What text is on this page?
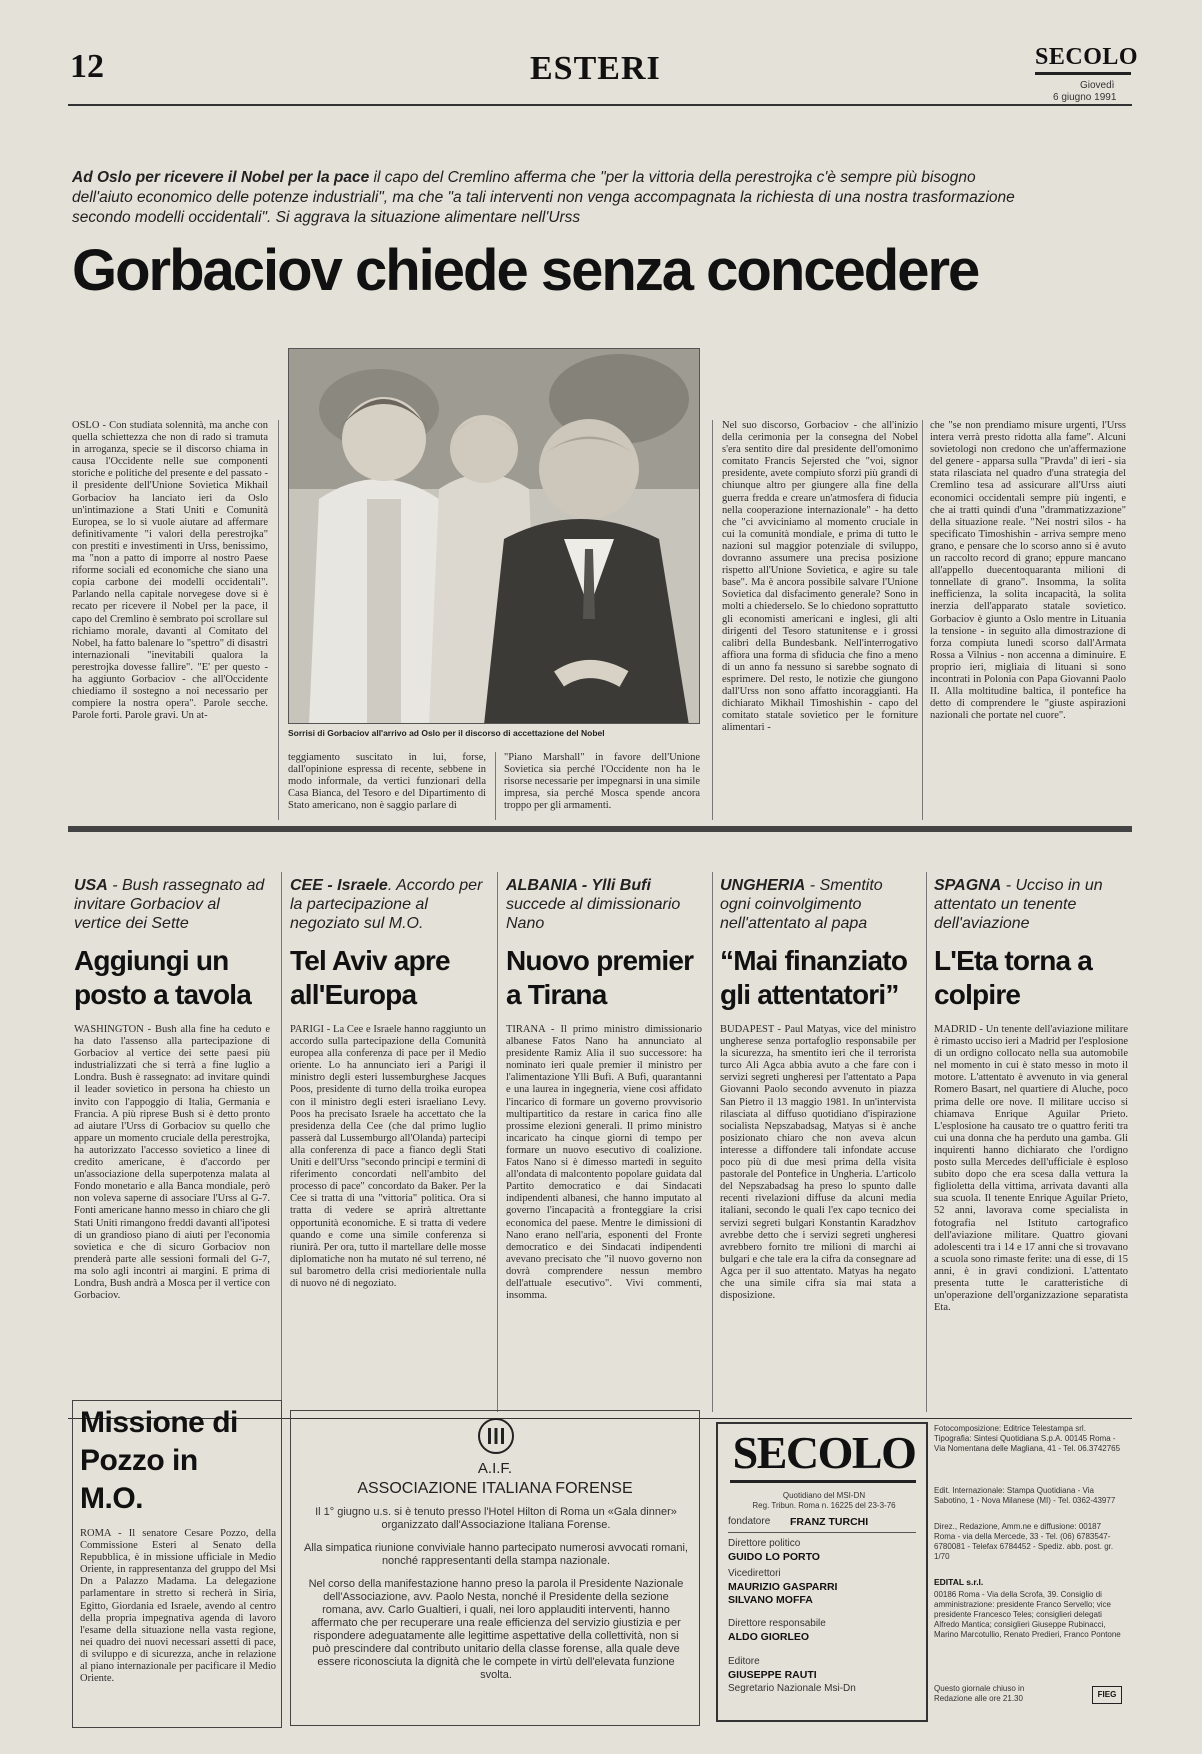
12	ESTERI	SECOLO
Giovedì
6 giugno 1991
Ad Oslo per ricevere il Nobel per la pace il capo del Cremlino afferma che "per la vittoria della perestrojka c'è sempre più bisogno dell'aiuto economico delle potenze industriali", ma che "a tali interventi non venga accompagnata la richiesta di una nostra trasformazione secondo modelli occidentali". Si aggrava la situazione alimentare nell'Urss
Gorbaciov chiede senza concedere
OSLO - Con studiata solennità, ma anche con quella schiettezza che non di rado si tramuta in arroganza, specie se il discorso chiama in causa l'Occidente nelle sue componenti storiche e politiche del presente e del passato - il presidente dell'Unione Sovietica Mikhail Gorbaciov ha lanciato ieri da Oslo un'intimazione a Stati Uniti e Comunità Europea, se lo si vuole aiutare ad affermare definitivamente "i valori della perestrojka" con prestiti e investimenti in Urss, benissimo, ma "non a patto di imporre al nostro Paese riforme sociali ed economiche che siano una copia carbone dei modelli occidentali". Parlando nella capitale norvegese dove si è recato per ricevere il Nobel per la pace, il capo del Cremlino è sembrato poi scrollare sul richiamo morale, davanti al Comitato del Nobel, ha fatto balenare lo "spettro" di disastri internazionali "inevitabili qualora la perestrojka dovesse fallire". "E' per questo - ha aggiunto Gorbaciov - che all'Occidente chiediamo il sostegno a noi necessario per compiere la nostra opera". Parole secche. Parole forti. Parole gravi. Un at-
Sorrisi di Gorbaciov all'arrivo ad Oslo per il discorso di accettazione del Nobel
teggiamento suscitato in lui, forse, dall'opinione espressa di recente, sebbene in modo informale, da vertici funzionari della Casa Bianca, del Tesoro e del Dipartimento di Stato americano, non è saggio parlare di
"Piano Marshall" in favore dell'Unione Sovietica sia perché l'Occidente non ha le risorse necessarie per impegnarsi in una simile impresa, sia perché Mosca spende ancora troppo per gli armamenti.
Nel suo discorso, Gorbaciov - che all'inizio della cerimonia per la consegna del Nobel s'era sentito dire dal presidente dell'omonimo comitato Francis Sejersted che "voi, signor presidente, avete compiuto sforzi più grandi di chiunque altro per giungere alla fine della guerra fredda e creare un'atmosfera di fiducia nella cooperazione internazionale" - ha detto che "ci avviciniamo al momento cruciale in cui la comunità mondiale, e prima di tutto le nazioni sul maggior potenziale di sviluppo, dovranno assumere una precisa posizione rispetto all'Unione Sovietica, e agire su tale base". Ma è ancora possibile salvare l'Unione Sovietica dal disfacimento generale? Sono in molti a chiederselo. Se lo chiedono soprattutto gli economisti americani e inglesi, gli alti dirigenti del Tesoro statunitense e i grossi calibri della Bundesbank. Nell'interrogativo affiora una forma di sfiducia che fino a meno di un anno fa nessuno si sarebbe sognato di esprimere. Del resto, le notizie che giungono dall'Urss non sono affatto incoraggianti. Ha dichiarato Mikhail Timoshishin - capo del comitato statale sovietico per le forniture alimentari -
che "se non prendiamo misure urgenti, l'Urss intera verrà presto ridotta alla fame". Alcuni sovietologi non credono che un'affermazione del genere - apparsa sulla "Pravda" di ieri - sia stata rilasciata nel quadro d'una strategia del Cremlino tesa ad assicurare all'Urss aiuti economici occidentali sempre più ingenti, e che ai tratti quindi d'una "drammatizzazione" della situazione reale. "Nei nostri silos - ha specificato Timoshishin - arriva sempre meno grano, e pensare che lo scorso anno si è avuto un raccolto record di grano; eppure mancano all'appello duecentoquaranta milioni di tonnellate di grano". Insomma, la solita inefficienza, la solita incapacità, la solita inerzia dell'apparato statale sovietico. Gorbaciov è giunto a Oslo mentre in Lituania la tensione - in seguito alla dimostrazione di forza compiuta lunedì scorso dall'Armata Rossa a Vilnius - non accenna a diminuire. E proprio ieri, migliaia di lituani si sono incontrati in Polonia con Papa Giovanni Paolo II. Alla moltitudine baltica, il pontefice ha detto di comprendere le "giuste aspirazioni nazionali che portate nel cuore".
USA - Bush rassegnato ad invitare Gorbaciov al vertice dei Sette
Aggiungi un posto a tavola
WASHINGTON - Bush alla fine ha ceduto e ha dato l'assenso alla partecipazione di Gorbaciov al vertice dei sette paesi più industrializzati che si terrà a fine luglio a Londra. Bush è rassegnato: ad invitare quindi il leader sovietico in persona ha chiesto un invito con l'appoggio di Italia, Germania e Francia. A più riprese Bush si è detto pronto ad aiutare l'Urss di Gorbaciov su quello che appare un momento cruciale della perestrojka, ha autorizzato l'accesso sovietico a linee di credito americane, è d'accordo per un'associazione della superpotenza malata al Fondo monetario e alla Banca mondiale, però non voleva saperne di associare l'Urss al G-7. Fonti americane hanno messo in chiaro che gli Stati Uniti rimangono freddi davanti all'ipotesi di un grandioso piano di aiuti per l'economia sovietica e che di sicuro Gorbaciov non prenderà parte alle sessioni formali del G-7, ma solo agli incontri ai margini. E prima di Londra, Bush andrà a Mosca per il vertice con Gorbaciov.
CEE - Israele. Accordo per la partecipazione al negoziato sul M.O.
Tel Aviv apre all'Europa
PARIGI - La Cee e Israele hanno raggiunto un accordo sulla partecipazione della Comunità europea alla conferenza di pace per il Medio oriente. Lo ha annunciato ieri a Parigi il ministro degli esteri lussemburghese Jacques Poos, presidente di turno della troika europea con il ministro degli esteri israeliano Levy. Poos ha precisato Israele ha accettato che la presidenza della Cee (che dal primo luglio passerà dal Lussemburgo all'Olanda) partecipi alla conferenza di pace a fianco degli Stati Uniti e dell'Urss "secondo principi e termini di riferimento concordati nell'ambito del processo di pace" concordato da Baker. Per la Cee si tratta di una "vittoria" politica. Ora si tratta di vedere se aprirà altrettante opportunità economiche. E si tratta di vedere quando e come una simile conferenza si riunirà. Per ora, tutto il martellare delle mosse diplomatiche non ha mutato né sul terreno, né sul barometro della crisi mediorientale nulla di nuovo né di negoziato.
ALBANIA - Ylli Bufi succede al dimissionario Nano
Nuovo premier a Tirana
TIRANA - Il primo ministro dimissionario albanese Fatos Nano ha annunciato al presidente Ramiz Alia il suo successore: ha nominato ieri quale premier il ministro per l'alimentazione Ylli Bufi. A Bufi, quarantanni e una laurea in ingegneria, viene così affidato l'incarico di formare un governo provvisorio multipartitico da restare in carica fino alle prossime elezioni generali. Il primo ministro incaricato ha cinque giorni di tempo per formare un nuovo esecutivo di coalizione. Fatos Nano si è dimesso martedì in seguito all'ondata di malcontento popolare guidata dal Partito democratico e dai Sindacati indipendenti albanesi, che hanno imputato al governo l'incapacità a fronteggiare la crisi economica del paese. Mentre le dimissioni di Nano erano nell'aria, esponenti del Fronte democratico e dei Sindacati indipendenti avevano precisato che "il nuovo governo non dovrà comprendere nessun membro dell'attuale esecutivo". Vivi commenti, insomma.
UNGHERIA - Smentito ogni coinvolgimento nell'attentato al papa
“Mai finanziato gli attentatori”
BUDAPEST - Paul Matyas, vice del ministro ungherese senza portafoglio responsabile per la sicurezza, ha smentito ieri che il terrorista turco Ali Agca abbia avuto a che fare con i servizi segreti ungheresi per l'attentato a Papa Giovanni Paolo secondo avvenuto in piazza San Pietro il 13 maggio 1981. In un'intervista rilasciata al diffuso quotidiano d'ispirazione socialista Nepszabadsag, Matyas si è anche posizionato chiaro che non aveva alcun interesse a diffondere tali infondate accuse poco più di due mesi prima della visita pastorale del Pontefice in Ungheria. L'articolo del Nepszabadsag ha preso lo spunto dalle recenti rivelazioni diffuse da alcuni media italiani, secondo le quali l'ex capo tecnico dei servizi segreti bulgari Konstantin Karadzhov avrebbe detto che i servizi segreti ungheresi avrebbero fornito tre milioni di marchi ai bulgari e che tale era la cifra da consegnare ad Agca per il suo attentato. Matyas ha negato che una simile cifra sia mai stata a disposizione.
SPAGNA - Ucciso in un attentato un tenente dell'aviazione
L'Eta torna a colpire
MADRID - Un tenente dell'aviazione militare è rimasto ucciso ieri a Madrid per l'esplosione di un ordigno collocato nella sua automobile nel momento in cui è stato messo in moto il motore. L'attentato è avvenuto in via general Romero Basart, nel quartiere di Aluche, poco prima delle ore nove. Il militare ucciso si chiamava Enrique Aguilar Prieto. L'esplosione ha causato tre o quattro feriti tra cui una donna che ha perduto una gamba. Gli inquirenti hanno dichiarato che l'ordigno posto sulla Mercedes dell'ufficiale è esploso subito dopo che era scesa dalla vettura la figlioletta della vittima, arrivata davanti alla sua scuola. Il tenente Enrique Aguilar Prieto, 52 anni, lavorava come specialista in fotografia nel Istituto cartografico dell'aviazione militare. Quattro giovani adolescenti tra i 14 e 17 anni che si trovavano a scuola sono rimaste ferite: una di esse, di 15 anni, è in gravi condizioni. L'attentato presenta tutte le caratteristiche di un'operazione dell'organizzazione separatista Eta.
Missione di Pozzo in M.O.
ROMA - Il senatore Cesare Pozzo, della Commissione Esteri al Senato della Repubblica, è in missione ufficiale in Medio Oriente, in rappresentanza del gruppo del Msi Dn a Palazzo Madama. La delegazione parlamentare in stretto si recherà in Siria, Egitto, Giordania ed Israele, avendo al centro della propria impegnativa agenda di lavoro l'esame della situazione nella vasta regione, nei quadro dei nuovi necessari assetti di pace, di sviluppo e di sicurezza, anche in relazione al piano internazionale per pacificare il Medio Oriente.
A.I.F.
ASSOCIAZIONE ITALIANA FORENSE
Il 1° giugno u.s. si è tenuto presso l'Hotel Hilton di Roma un «Gala dinner» organizzato dall'Associazione Italiana Forense.
Alla simpatica riunione conviviale hanno partecipato numerosi avvocati romani, nonché rappresentanti della stampa nazionale.
Nel corso della manifestazione hanno preso la parola il Presidente Nazionale dell'Associazione, avv. Paolo Nesta, nonché il Presidente della sezione romana, avv. Carlo Gualtieri, i quali, nei loro applauditi interventi, hanno affermato che per recuperare una reale efficienza del servizio giustizia e per rispondere adeguatamente alle legittime aspettative della collettività, non si può prescindere dal contributo unitario della classe forense, alla quale deve essere riconosciuta la dignità che le compete in virtù dell'elevata funzione svolta.
SECOLO
Quotidiano del MSI-DN
Reg. Tribun. Roma n. 16225 del 23-3-76
fondatore FRANZ TURCHI
Direttore politico
GUIDO LO PORTO
Vicedirettori
MAURIZIO GASPARRI
SILVANO MOFFA
Direttore responsabile
ALDO GIORLEO
Editore
GIUSEPPE RAUTI
Segretario Nazionale Msi-Dn
Fotocomposizione: Editrice Telestampa srl. Tipografia: Sintesi Quotidiana S.p.A. 00145 Roma - Via Nomentana delle Magliana, 41 - Tel. 06.3742765
Edit. Internazionale: Stampa Quotidiana - Via Sabotino, 1 - Nova Milanese (MI) - Tel. 0362-43977
Direz., Redazione, Amm.ne e diffusione: 00187 Roma - via della Mercede, 33 - Tel. (06) 6783547-6780081 - Telefax 6784452 - Spediz. abb. post. gr. 1/70
EDITAL s.r.l.
00186 Roma - Via della Scrofa, 39. Consiglio di amministrazione: presidente Franco Servello; vice presidente Francesco Teles; consiglieri delegati Alfredo Mantica; consiglieri Giuseppe Rubinacci, Marino Marcotullio, Renato Predieri, Franco Pontone
Questo giornale chiuso in Redazione alle ore 21.30	FIEG
